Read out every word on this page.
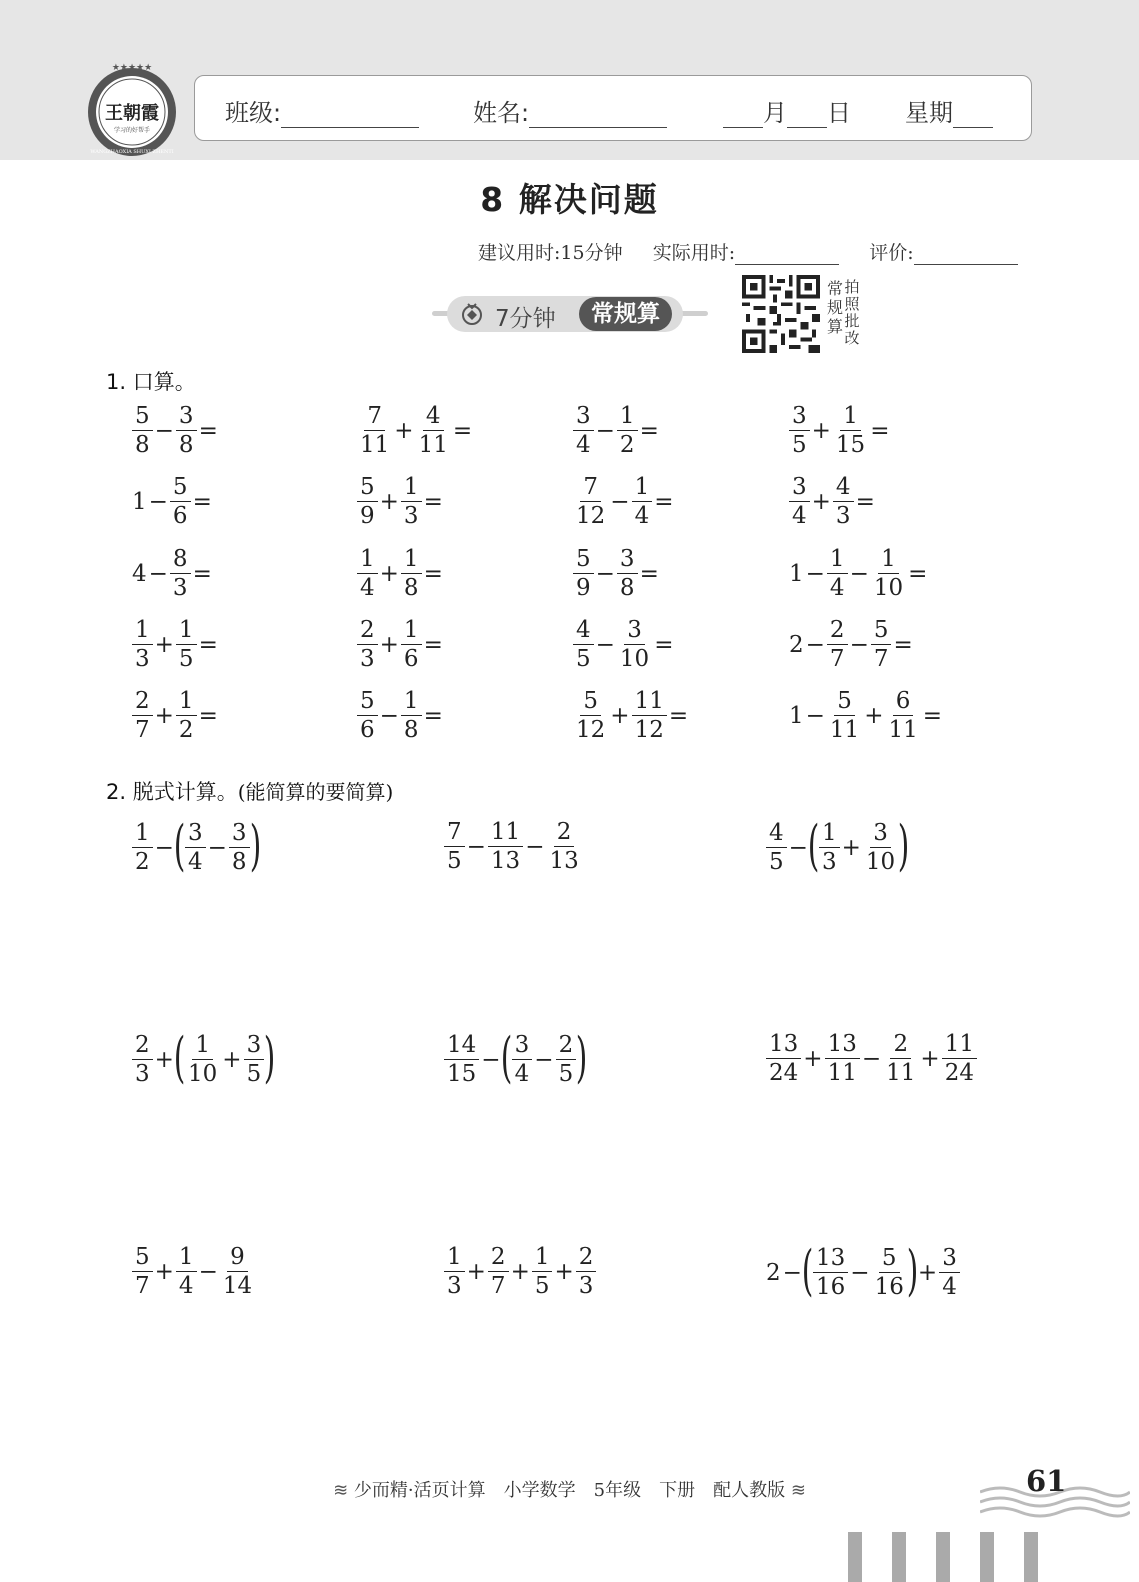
★★★★★
王朝霞
学习的好帮手
WANGZHAOXIA SHUXI ZHENTI
班级:	姓名:	月 日 星期
8 解决问题
建议用时:15分钟 实际用时:	评价:
7分钟	常规算
常规算
拍照批改
1. 口算。
2. 脱式计算。(能简算的要简算)
$\frac{5}{8} - \frac{3}{8}$ =	$\frac{7}{11} + \frac{4}{11}$ =	$\frac{3}{4} - \frac{1}{2}$ =	$\frac{3}{5} + \frac{1}{15}$ =
$1 - \frac{5}{6}$ =	$\frac{5}{9} + \frac{1}{3}$ =	$\frac{7}{12} - \frac{1}{4}$ =	$\frac{3}{4} + \frac{4}{3}$ =
$4 - \frac{8}{3}$ =	$\frac{1}{4} + \frac{1}{8}$ =	$\frac{5}{9} - \frac{3}{8}$ =	$1 - \frac{1}{4} - \frac{1}{10}$ =
$\frac{1}{3} + \frac{1}{5}$ =	$\frac{2}{3} + \frac{1}{6}$ =	$\frac{4}{5} - \frac{3}{10}$ =	$2 - \frac{2}{7} - \frac{5}{7}$ =
$\frac{2}{7} + \frac{1}{2}$ =	$\frac{5}{6} - \frac{1}{8}$ =	$\frac{5}{12} + \frac{11}{12}$ =	$1 - \frac{5}{11} + \frac{6}{11}$ =
$\frac{1}{2}$ − ( $\frac{3}{4} - \frac{3}{8}$ )	$\frac{7}{5} - \frac{11}{13} - \frac{2}{13}$	$\frac{4}{5}$ − ( $\frac{1}{3} + \frac{3}{10}$ )
$\frac{2}{3}$ + ( $\frac{1}{10} + \frac{3}{5}$ )	$\frac{14}{15}$ − ( $\frac{3}{4} - \frac{2}{5}$ )	$\frac{13}{24} + \frac{13}{11} - \frac{2}{11} + \frac{11}{24}$
$\frac{5}{7} + \frac{1}{4} - \frac{9}{14}$	$\frac{1}{3} + \frac{2}{7} + \frac{1}{5} + \frac{2}{3}$	2 − ( $\frac{13}{16} - \frac{5}{16}$ ) + $\frac{3}{4}$
≋ 少而精·活页计算　小学数学　5年级　下册　配人教版 ≋	61
